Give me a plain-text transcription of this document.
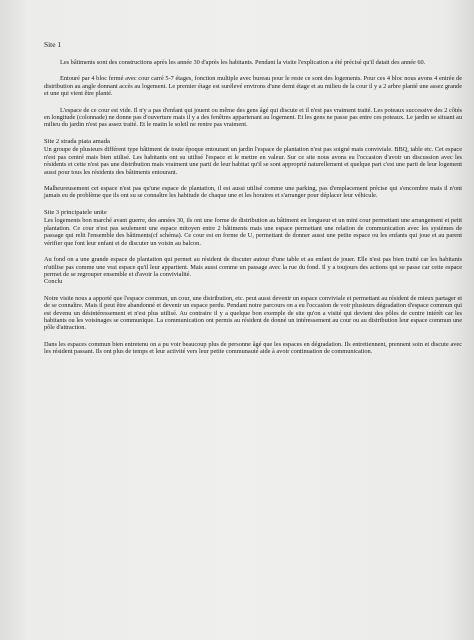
Site 1

Les bâtiments sont des constructions après les année 30 d'après les habitants. Pendant la visite l'explication a été précisé qu'il datait des année 60.

Entouré par 4 bloc fermé avec cour carré 5-7 étages, fonction multiple avec bureau pour le reste ce sont des logements. Pour ces 4 bloc nous avons 4 entrée de distribution au angle donnant accès au logement. Le premier étage est surélevé environs d'une demi étage et au milieu de la cour il y a 2 arbre planté une assez grande et une qui vient être planté.

L'espace de ce cour est vide. Il n'y a pas d'enfant qui jouent ou même des gens âgé qui discute et il n'est pas vraiment traité. Les poteaux successive des 2 côtés en longitude (colonnade) ne donne pas d'ouverture mais il y a des fenêtres appartenant au logement. Et les gens ne passe pas entre ces poteaux. Le jardin se situant au milieu du jardin n'est pas assez traité. Et le matin le soleil ne rentre pas vraiment.

Site 2 strada piata amada

Un groupe de plusieurs différent type bâtiment de toute époque entourant un jardin l'espace de plantation n'est pas soigné mais conviviale. BBQ, table etc. Cet espace n'est pas centré mais bien utilisé. Les habitants ont su utilisé l'espace et le mettre en valeur. Sur ce site nous avons eu l'occasion d'avoir un discussion avec les résidents et cette n'est pas une distribution mais vraiment une parti de leur habitat qu'il se sont approprié naturellement et quelque part c'est une parti de leur logement aussi pour tous les résidents des bâtiments entourant.

Malheureusement cet espace n'est pas qu'une espace de plantation, il est aussi utilisé comme une parking, pas d'emplacement précise qui s'encombre mais il n'ont jamais eu de problème que ils ont su se connaître les habitude de chaque une et les horaires et s'arranger pour déplacer leur véhicule.

Site 3 principatele unite

Les logements bon marché avant guerre, des années 30, ils ont une forme de distribution au bâtiment en longueur et un mini cour permettant une arrangement et petit plantation. Ce cour n'est pas seulement une espace mitoyen entre 2 bâtiments mais une espace permettant une relation de communication avec les systèmes de passage qui relit l'ensemble des bâtiments(cf schéma). Ce cour est en forme de U, permettant de donner aussi une petite espace ou les enfants qui joue et au parent vérifier que font leur enfant et de discuter un voisin au balcon.

Au fond on a une grande espace de plantation qui permet au résident de discuter autour d'une table et au enfant de jouer. Elle n'est pas bien traité car les habitants n'utilise pas comme une vrai espace qu'il leur appartient. Mais aussi comme un passage avec la rue du fond. Il y a toujours des actions qui se passe car cette espace permet de se regrouper ensemble et d'avoir la convivialité.

Conclu

Notre visite nous a apporté que l'espace commun, un cour, une distribution, etc. peut aussi devenir un espace conviviale et permettant au résident de mieux partager et de se connaître. Mais il peut être abandonné et devenir un espace perdu. Pendant notre parcours on a eu l'occasion de voir plusieurs dégradation d'espace commun qui est devenu un désintéressement et n'est plus utilisé. Au contraire il y a quelque bon exemple de site qu'on a visité qui devient des pôles de centre intérêt car les habitants ou les voisinages se communique. La communication ont permis au résident de donné un intéressement au cour ou au distribution leur espace commun une pôle d'attraction.

Dans les espaces commun bien entretenu on a pu voir beaucoup plus de personne âgé que les espaces en dégradation. Ils entretiennent, prennent soin et discute avec les résident passant. Ils ont plus de temps et leur activité vers leur petite communauté aide à avoir continuation de communication.
